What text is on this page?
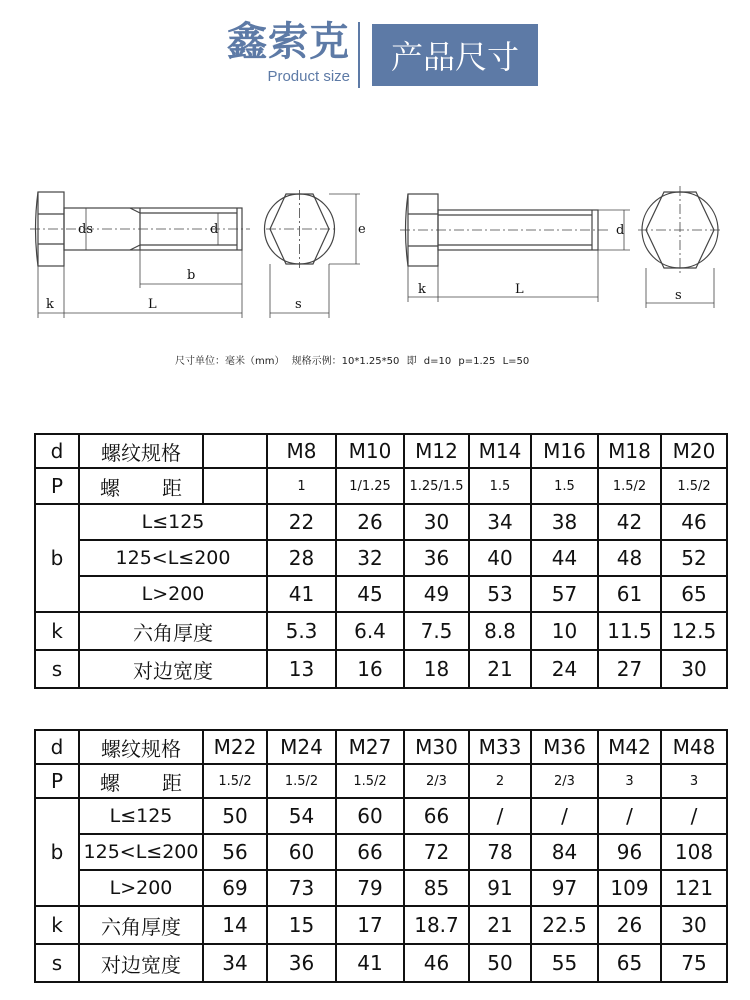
鑫索克
Product size
产品尺寸
ds	d
b
k	L
e
s
d
k	L	s
尺寸单位：毫米（mm） 规格示例：10*1.25*50 即 d=10 p=1.25 L=50
d	螺纹规格		M8	M10	M12	M14	M16	M18	M20
P	螺 距		1	1/1.25	1.25/1.5	1.5	1.5	1.5/2	1.5/2
b	L≤125		22	26	30	34	38	42	46
	125<L≤200		28	32	36	40	44	48	52
	L>200		41	45	49	53	57	61	65
k	六角厚度		5.3	6.4	7.5	8.8	10	11.5	12.5
s	对边宽度		13	16	18	21	24	27	30
d	螺纹规格	M22	M24	M27	M30	M33	M36	M42	M48
P	螺 距	1.5/2	1.5/2	1.5/2	2/3	2	2/3	3	3
b	L≤125	50	54	60	66	/	/	/	/
	125<L≤200	56	60	66	72	78	84	96	108
	L>200	69	73	79	85	91	97	109	121
k	六角厚度	14	15	17	18.7	21	22.5	26	30
s	对边宽度	34	36	41	46	50	55	65	75
